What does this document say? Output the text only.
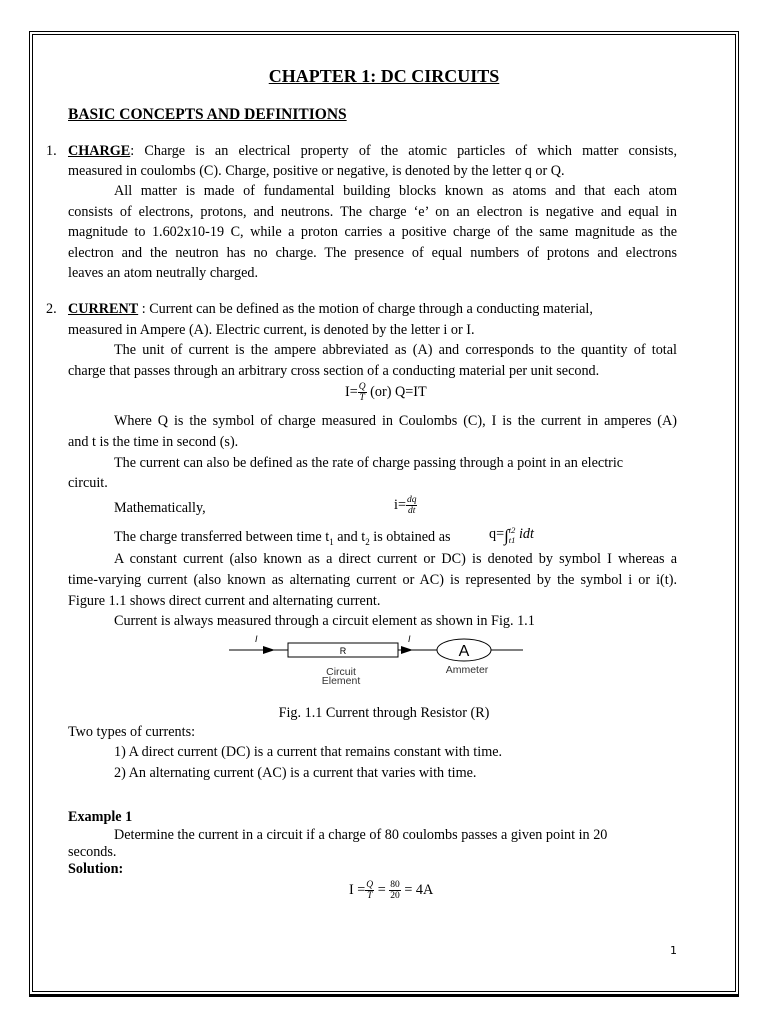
CHAPTER 1: DC CIRCUITS
BASIC CONCEPTS AND DEFINITIONS
1. CHARGE: Charge is an electrical property of the atomic particles of which matter consists,
measured in coulombs (C). Charge, positive or negative, is denoted by the letter q or Q.
All matter is made of fundamental building blocks known as atoms and that each atom
consists of electrons, protons, and neutrons. The charge ‘e’ on an electron is negative and equal in
magnitude to 1.602x10-19 C, while a proton carries a positive charge of the same magnitude as the
electron and the neutron has no charge. The presence of equal numbers of protons and electrons
leaves an atom neutrally charged.
2. CURRENT : Current can be defined as the motion of charge through a conducting material,
measured in Ampere (A). Electric current, is denoted by the letter i or I.
The unit of current is the ampere abbreviated as (A) and corresponds to the quantity of total
charge that passes through an arbitrary cross section of a conducting material per unit second.
$I= \frac{Q}{T} (or)$ Q=IT
Where Q is the symbol of charge measured in Coulombs (C), I is the current in amperes (A)
and t is the time in second (s).
The current can also be defined as the rate of charge passing through a point in an electric
circuit.
Mathematically,	$i= \frac{dq}{dt}$
The charge transferred between time $t_1$ and $t_2$ is obtained as	q=∫ t2
t1 idt
A constant current (also known as a direct current or DC) is denoted by symbol I whereas a
time-varying current (also known as alternating current or AC) is represented by the symbol i or i(t).
Figure 1.1 shows direct current and alternating current.
Current is always measured through a circuit element as shown in Fig. 1.1
I	I
R	A
Circuit
Element
Ammeter
Fig. 1.1 Current through Resistor (R)
Two types of currents:
1) A direct current (DC) is a current that remains constant with time.
2) An alternating current (AC) is a current that varies with time.
Example 1
Determine the current in a circuit if a charge of 80 coulombs passes a given point in 20
seconds.
Solution:
$I = \frac{Q}{T} = \frac{80}{20} = 4A$
1
